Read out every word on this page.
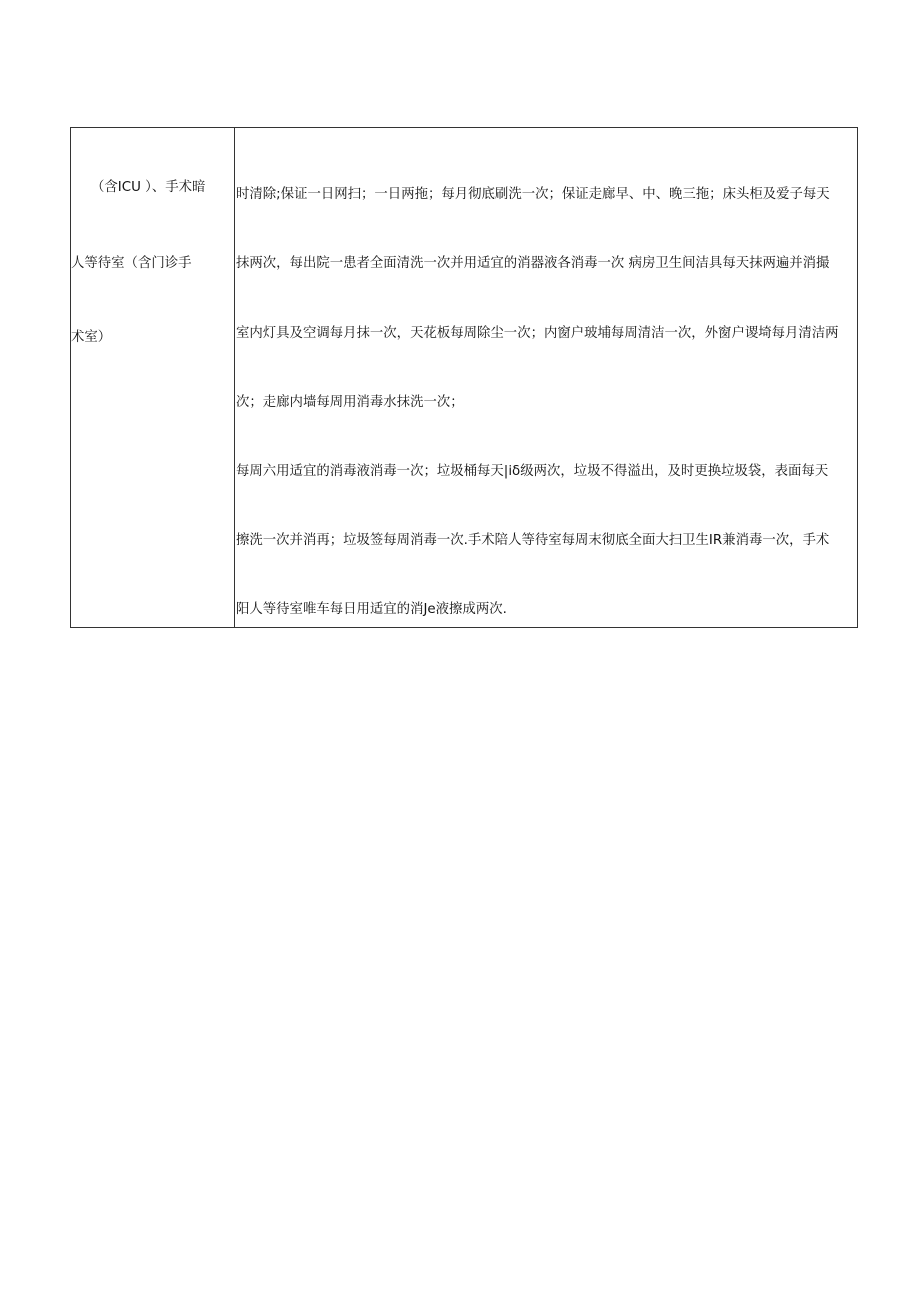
（含ICU ）、手术暗
人等待室（含门诊手
术室）
时清除;保证一日网扫；一日两拖；每月彻底刷洗一次；保证走廊早、中、晚三拖；床头柜及爱子每天
抹两次，每出院一患者全面清洗一次并用适宜的消器液各消毒一次 病房卫生间洁具每天抹两遍并消撮
室内灯具及空调每月抹一次，天花板每周除尘一次；内窗户玻埔每周清洁一次，外窗户谡埼每月清洁两
次；走廊内墙每周用消毒水抹洗一次；
每周六用适宜的消毒液消毒一次；垃圾桶每天|iδ级两次，垃圾不得溢出，及时更换垃圾袋，表面每天
擦洗一次并消再；垃圾签每周消毒一次.手术陪人等待室每周末彻底全面大扫卫生IR兼消毒一次，手术
阳人等待室唯车每日用适宜的消Je液擦成两次.
